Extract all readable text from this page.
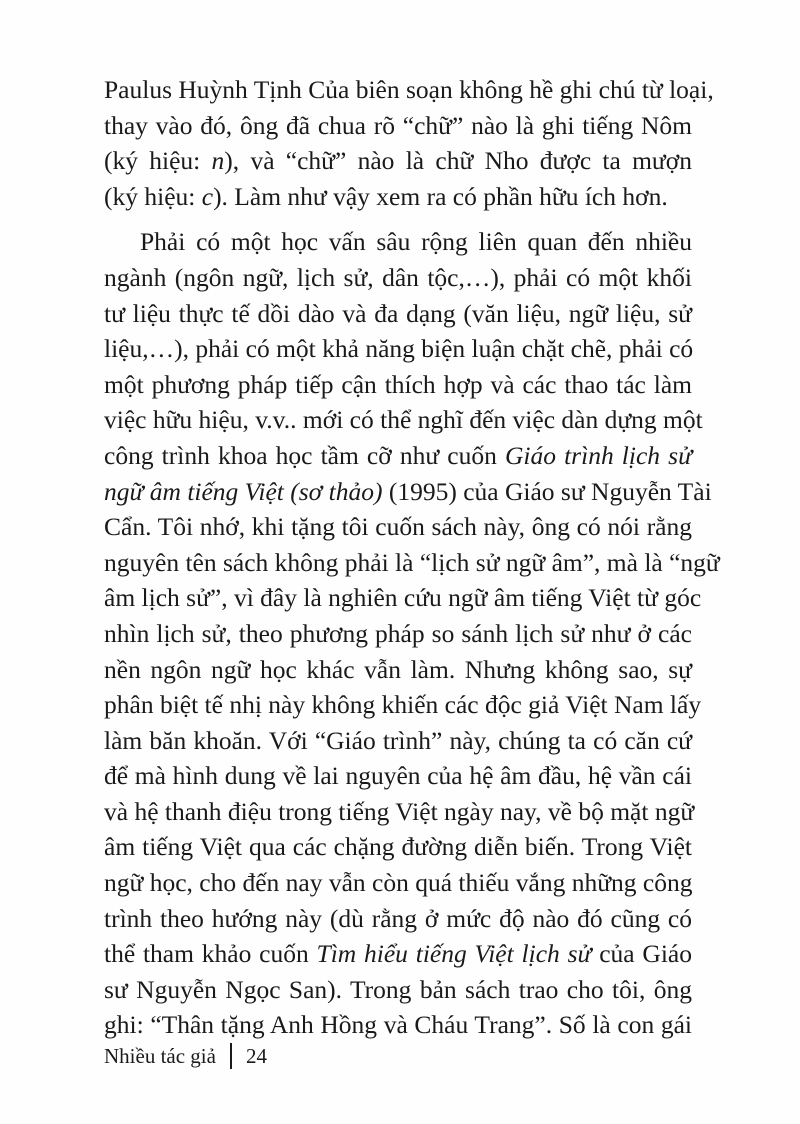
Paulus Huỳnh Tịnh Của biên soạn không hề ghi chú từ loại,
thay vào đó, ông đã chua rõ “chữ” nào là ghi tiếng Nôm
(ký hiệu: n), và “chữ” nào là chữ Nho được ta mượn
(ký hiệu: c). Làm như vậy xem ra có phần hữu ích hơn.

Phải có một học vấn sâu rộng liên quan đến nhiều
ngành (ngôn ngữ, lịch sử, dân tộc,…), phải có một khối
tư liệu thực tế dồi dào và đa dạng (văn liệu, ngữ liệu, sử
liệu,…), phải có một khả năng biện luận chặt chẽ, phải có
một phương pháp tiếp cận thích hợp và các thao tác làm
việc hữu hiệu, v.v.. mới có thể nghĩ đến việc dàn dựng một
công trình khoa học tầm cỡ như cuốn Giáo trình lịch sử
ngữ âm tiếng Việt (sơ thảo) (1995) của Giáo sư Nguyễn Tài
Cẩn. Tôi nhớ, khi tặng tôi cuốn sách này, ông có nói rằng
nguyên tên sách không phải là “lịch sử ngữ âm”, mà là “ngữ
âm lịch sử”, vì đây là nghiên cứu ngữ âm tiếng Việt từ góc
nhìn lịch sử, theo phương pháp so sánh lịch sử như ở các
nền ngôn ngữ học khác vẫn làm. Nhưng không sao, sự
phân biệt tế nhị này không khiến các độc giả Việt Nam lấy
làm băn khoăn. Với “Giáo trình” này, chúng ta có căn cứ
để mà hình dung về lai nguyên của hệ âm đầu, hệ vần cái
và hệ thanh điệu trong tiếng Việt ngày nay, về bộ mặt ngữ
âm tiếng Việt qua các chặng đường diễn biến. Trong Việt
ngữ học, cho đến nay vẫn còn quá thiếu vắng những công
trình theo hướng này (dù rằng ở mức độ nào đó cũng có
thể tham khảo cuốn Tìm hiểu tiếng Việt lịch sử của Giáo
sư Nguyễn Ngọc San). Trong bản sách trao cho tôi, ông
ghi: “Thân tặng Anh Hồng và Cháu Trang”. Số là con gái

Nhiều tác giả 24
